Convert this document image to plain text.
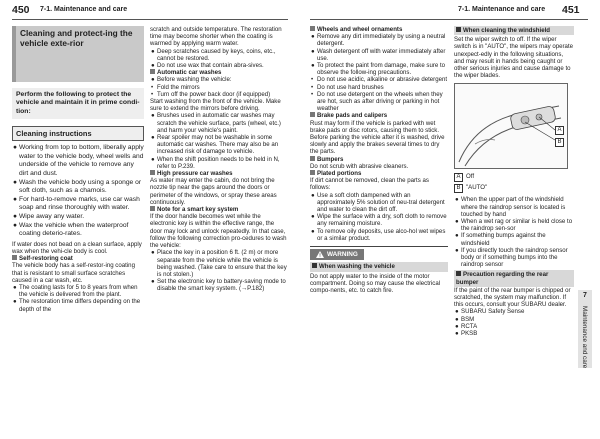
450 7-1. Maintenance and care	7-1. Maintenance and care 451
Cleaning and protect-ing the vehicle exte-rior
Perform the following to protect the vehicle and maintain it in prime condi-tion:
Cleaning instructions

● Working from top to bottom, liberally apply water to the vehicle body, wheel wells and underside of the vehicle to remove any dirt and dust.

● Wash the vehicle body using a sponge or soft cloth, such as a chamois.

● For hard-to-remove marks, use car wash soap and rinse thoroughly with water.

● Wipe away any water.

● Wax the vehicle when the waterproof coating deterio-rates.

If water does not bead on a clean surface, apply wax when the vehi-cle body is cool.

Self-restoring coat

The vehicle body has a self-restor-ing coating that is resistant to small surface scratches caused in a car wash, etc.

● The coating lasts for 5 to 8 years from when the vehicle is delivered from the plant.

● The restoration time differs depending on the depth of the

scratch and outside temperature. The restoration time may become shorter when the coating is warmed by applying warm water.

● Deep scratches caused by keys, coins, etc., cannot be restored.

● Do not use wax that contain abra-sives.

Automatic car washes

● Before washing the vehicle:

• Fold the mirrors

• Turn off the power back door (if equipped)

Start washing from the front of the vehicle. Make sure to extend the mirrors before driving.

● Brushes used in automatic car washes may scratch the vehicle surface, parts (wheel, etc.) and harm your vehicle's paint.

● Rear spoiler may not be washable in some automatic car washes. There may also be an increased risk of damage to vehicle.

● When the shift position needs to be held in N, refer to P.239.

High pressure car washes

As water may enter the cabin, do not bring the nozzle tip near the gaps around the doors or perimeter of the windows, or spray these areas continuously.

Note for a smart key system

If the door handle becomes wet while the electronic key is within the effective range, the door may lock and unlock repeatedly. In that case, follow the following correction pro-cedures to wash the vehicle:

● Place the key in a position 6 ft. (2 m) or more separate from the vehicle while the vehicle is being washed. (Take care to ensure that the key is not stolen.)

● Set the electronic key to battery-saving mode to disable the smart key system. (→P.182)

Wheels and wheel ornaments

● Remove any dirt immediately by using a neutral detergent.

● Wash detergent off with water immediately after use.

● To protect the paint from damage, make sure to observe the follow-ing precautions.

• Do not use acidic, alkaline or abrasive detergent

• Do not use hard brushes

• Do not use detergent on the wheels when they are hot, such as after driving or parking in hot weather

Brake pads and calipers

Rust may form if the vehicle is parked with wet brake pads or disc rotors, causing them to stick. Before parking the vehicle after it is washed, drive slowly and apply the brakes several times to dry the parts.

Bumpers

Do not scrub with abrasive cleaners.

Plated portions

If dirt cannot be removed, clean the parts as follows:

● Use a soft cloth dampened with an approximately 5% solution of neu-tral detergent and water to clean the dirt off.

● Wipe the surface with a dry, soft cloth to remove any remaining moisture.

● To remove oily deposits, use alco-hol wet wipes or a similar product.

WARNING

When washing the vehicle

Do not apply water to the inside of the motor compartment. Doing so may cause the electrical compo-nents, etc. to catch fire.

When cleaning the windshield

Set the wiper switch to off. If the wiper switch is in "AUTO", the wipers may operate unexpect-edly in the following situations, and may result in hands being caught or other serious injuries and cause damage to the wiper blades.

A
B

A Off

B "AUTO"

● When the upper part of the windshield where the raindrop sensor is located is touched by hand

● When a wet rag or similar is held close to the raindrop sen-sor

● If something bumps against the windshield

● If you directly touch the raindrop sensor body or if something bumps into the raindrop sensor

Precaution regarding the rear bumper

If the paint of the rear bumper is chipped or scratched, the system may malfunction. If this occurs, consult your SUBARU dealer.

● SUBARU Safety Sense

● BSM

● RCTA

● PKSB

7
Maintenance and care
